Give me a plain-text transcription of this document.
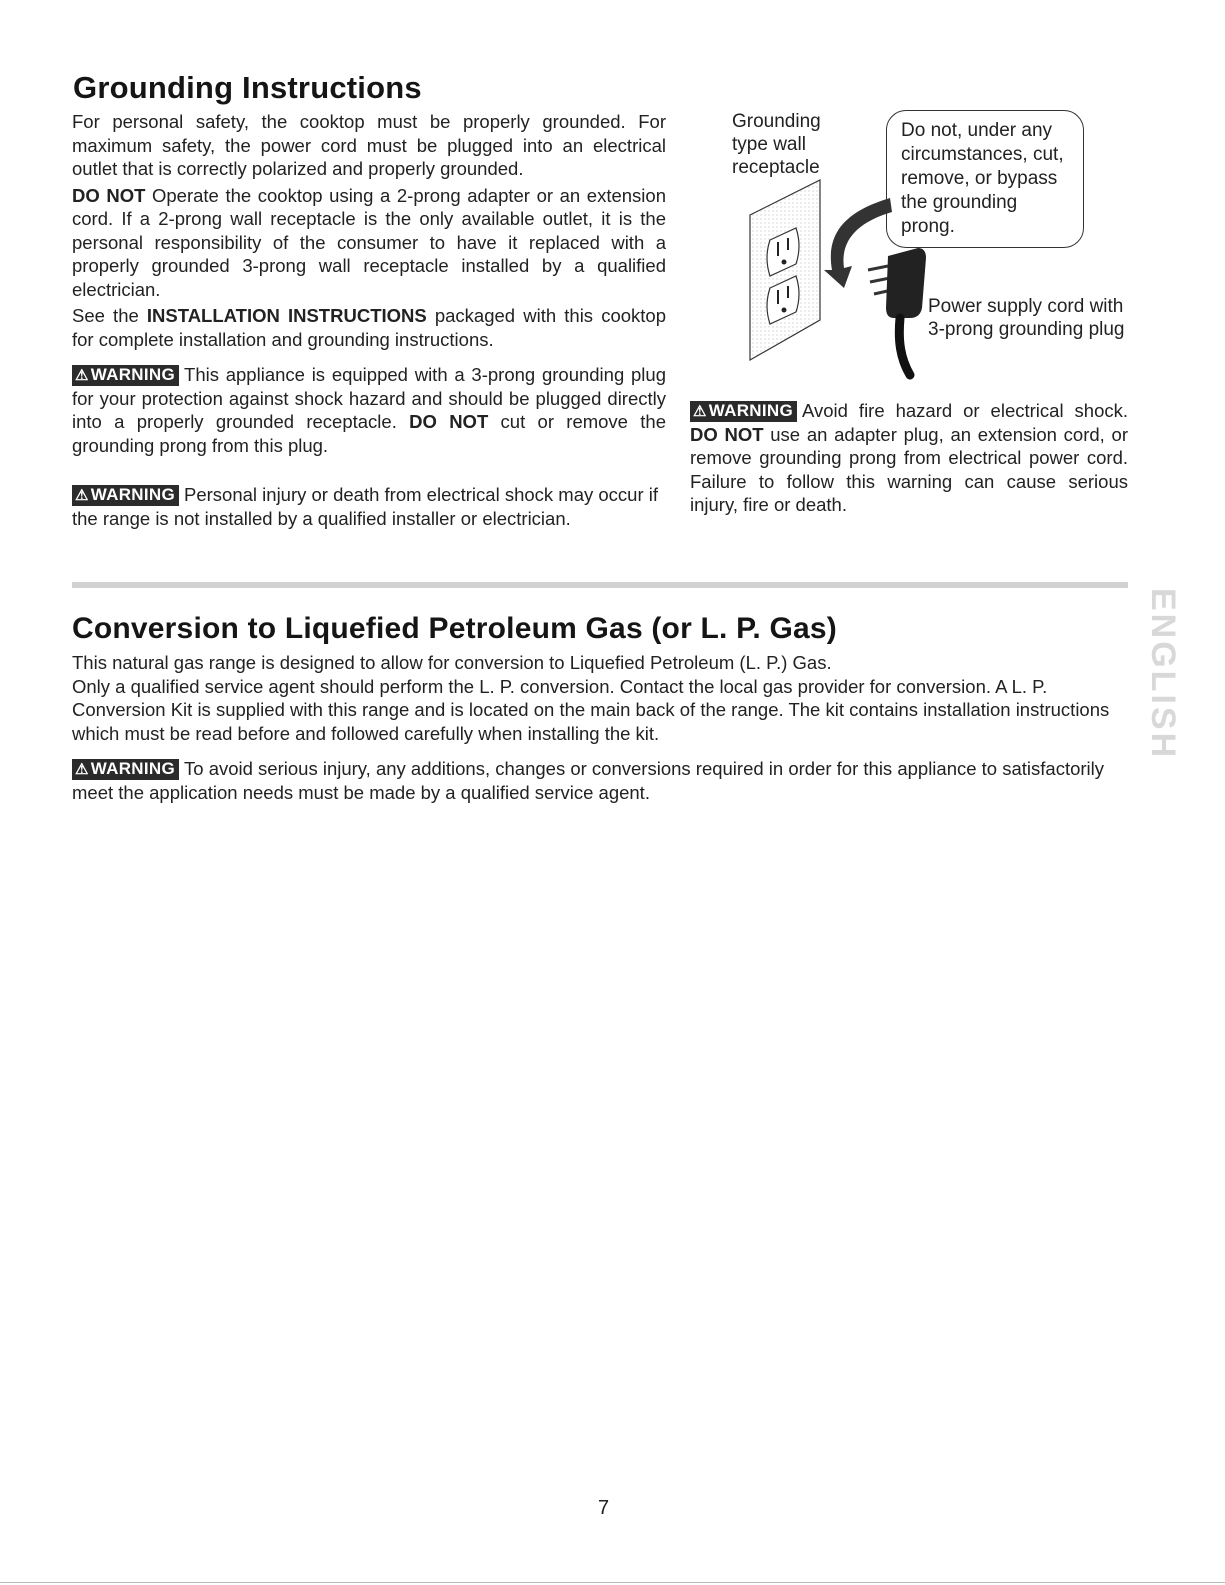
Grounding Instructions

For personal safety, the cooktop must be properly grounded. For maximum safety, the power cord must be plugged into an electrical outlet that is correctly polarized and properly grounded.

DO NOT Operate the cooktop using a 2-prong adapter or an extension cord. If a 2-prong wall receptacle is the only available outlet, it is the personal responsibility of the consumer to have it replaced with a properly grounded 3-prong wall receptacle installed by a qualified electrician.

See the INSTALLATION INSTRUCTIONS packaged with this cooktop for complete installation and grounding instructions.

⚠ WARNING This appliance is equipped with a 3-prong grounding plug for your protection against shock hazard and should be plugged directly into a properly grounded receptacle. DO NOT cut or remove the grounding prong from this plug.

⚠ WARNING Personal injury or death from electrical shock may occur if the range is not installed by a qualified installer or electrician.

Grounding type wall receptacle
Do not, under any circumstances, cut, remove, or bypass the grounding prong.
Power supply cord with
3-prong grounding plug
⚠ WARNING Avoid fire hazard or electrical shock. DO NOT use an adapter plug, an extension cord, or remove grounding prong from electrical power cord. Failure to follow this warning can cause serious injury, fire or death.
ENGLISH
Conversion to Liquefied Petroleum Gas (or L. P. Gas)

This natural gas range is designed to allow for conversion to Liquefied Petroleum (L. P.) Gas.

Only a qualified service agent should perform the L. P. conversion. Contact the local gas provider for conversion. A L. P. Conversion Kit is supplied with this range and is located on the main back of the range. The kit contains installation instructions which must be read before and followed carefully when installing the kit.

⚠ WARNING To avoid serious injury, any additions, changes or conversions required in order for this appliance to satisfactorily meet the application needs must be made by a qualified service agent.

7
